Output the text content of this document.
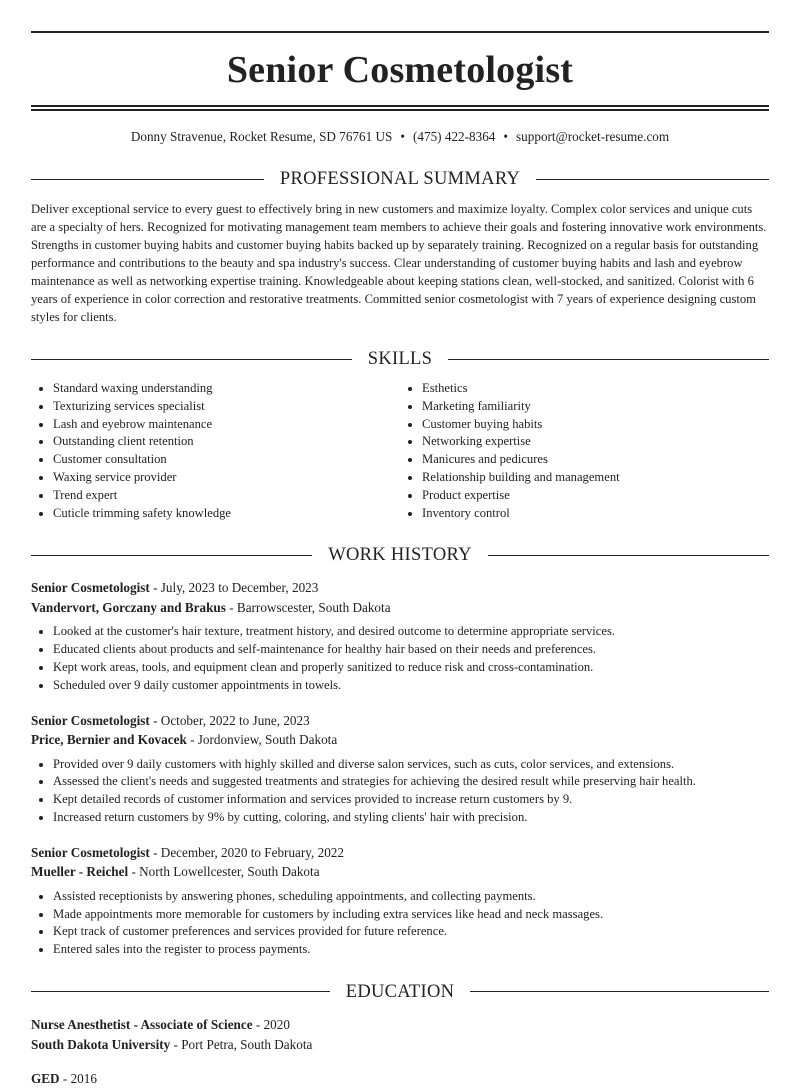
Senior Cosmetologist
Donny Stravenue, Rocket Resume, SD 76761 US • (475) 422-8364 • support@rocket-resume.com
PROFESSIONAL SUMMARY

Deliver exceptional service to every guest to effectively bring in new customers and maximize loyalty. Complex color services and unique cuts are a specialty of hers. Recognized for motivating management team members to achieve their goals and fostering innovative work environments. Strengths in customer buying habits and customer buying habits backed up by separately training. Recognized on a regular basis for outstanding performance and contributions to the beauty and spa industry's success. Clear understanding of customer buying habits and lash and eyebrow maintenance as well as networking expertise training. Knowledgeable about keeping stations clean, well-stocked, and sanitized. Colorist with 6 years of experience in color correction and restorative treatments. Committed senior cosmetologist with 7 years of experience designing custom styles for clients.

SKILLS
• Standard waxing understanding
• Texturizing services specialist
• Lash and eyebrow maintenance
• Outstanding client retention
• Customer consultation
• Waxing service provider
• Trend expert
• Cuticle trimming safety knowledge
• Esthetics
• Marketing familiarity
• Customer buying habits
• Networking expertise
• Manicures and pedicures
• Relationship building and management
• Product expertise
• Inventory control
WORK HISTORY
Senior Cosmetologist - July, 2023 to December, 2023
Vandervort, Gorczany and Brakus - Barrowscester, South Dakota
• Looked at the customer's hair texture, treatment history, and desired outcome to determine appropriate services.
• Educated clients about products and self-maintenance for healthy hair based on their needs and preferences.
• Kept work areas, tools, and equipment clean and properly sanitized to reduce risk and cross-contamination.
• Scheduled over 9 daily customer appointments in towels.
Senior Cosmetologist - October, 2022 to June, 2023
Price, Bernier and Kovacek - Jordonview, South Dakota
• Provided over 9 daily customers with highly skilled and diverse salon services, such as cuts, color services, and extensions.
• Assessed the client's needs and suggested treatments and strategies for achieving the desired result while preserving hair health.
• Kept detailed records of customer information and services provided to increase return customers by 9.
• Increased return customers by 9% by cutting, coloring, and styling clients' hair with precision.
Senior Cosmetologist - December, 2020 to February, 2022
Mueller - Reichel - North Lowellcester, South Dakota
• Assisted receptionists by answering phones, scheduling appointments, and collecting payments.
• Made appointments more memorable for customers by including extra services like head and neck massages.
• Kept track of customer preferences and services provided for future reference.
• Entered sales into the register to process payments.
EDUCATION
Nurse Anesthetist - Associate of Science - 2020
South Dakota University - Port Petra, South Dakota
GED - 2016
